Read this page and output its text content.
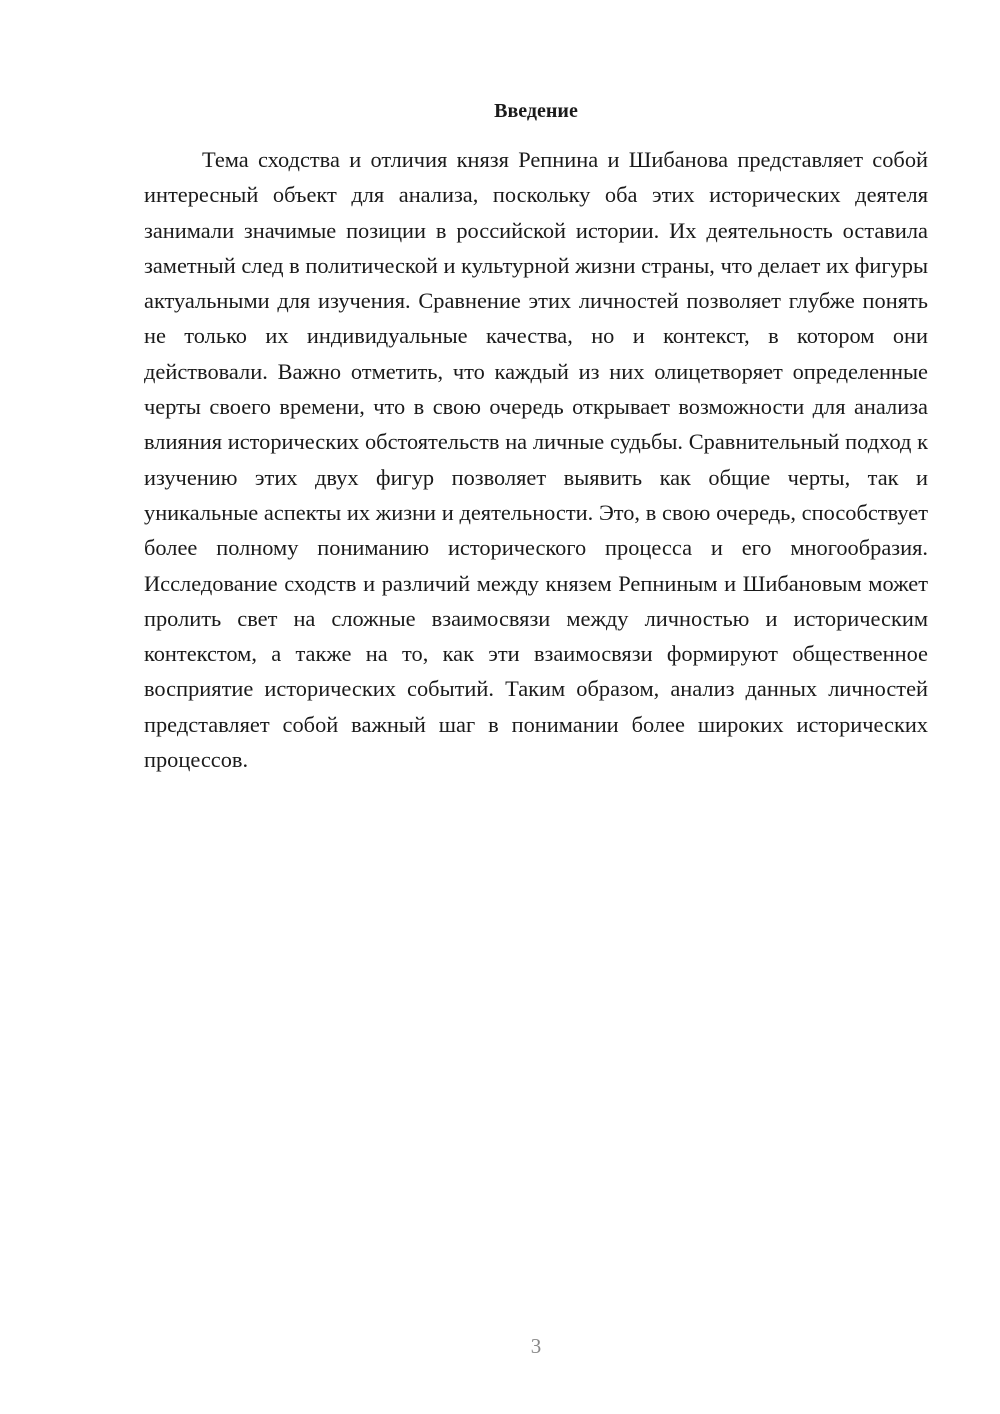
Введение

Тема сходства и отличия князя Репнина и Шибанова представляет собой интересный объект для анализа, поскольку оба этих исторических деятеля занимали значимые позиции в российской истории. Их деятельность оставила заметный след в политической и культурной жизни страны, что делает их фигуры актуальными для изучения. Сравнение этих личностей позволяет глубже понять не только их индивидуальные качества, но и контекст, в котором они действовали. Важно отметить, что каждый из них олицетворяет определенные черты своего времени, что в свою очередь открывает возможности для анализа влияния исторических обстоятельств на личные судьбы. Сравнительный подход к изучению этих двух фигур позволяет выявить как общие черты, так и уникальные аспекты их жизни и деятельности. Это, в свою очередь, способствует более полному пониманию исторического процесса и его многообразия. Исследование сходств и различий между князем Репниным и Шибановым может пролить свет на сложные взаимосвязи между личностью и историческим контекстом, а также на то, как эти взаимосвязи формируют общественное восприятие исторических событий. Таким образом, анализ данных личностей представляет собой важный шаг в понимании более широких исторических процессов.

3
